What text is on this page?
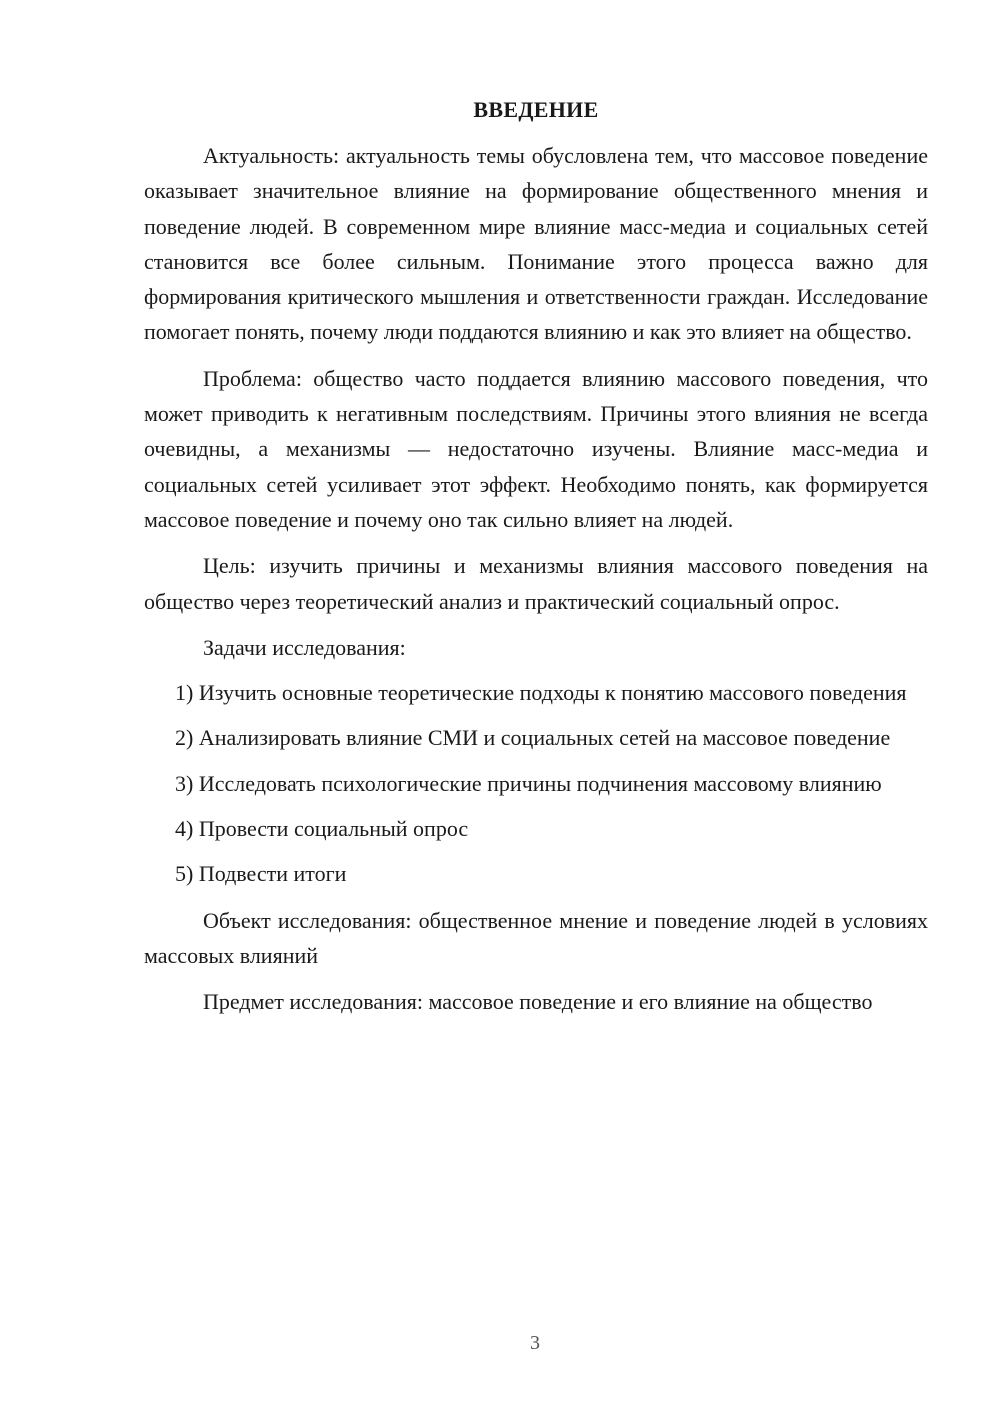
ВВЕДЕНИЕ

Актуальность: актуальность темы обусловлена тем, что массовое поведение оказывает значительное влияние на формирование общественного мнения и поведение людей. В современном мире влияние масс-медиа и социальных сетей становится все более сильным. Понимание этого процесса важно для формирования критического мышления и ответственности граждан. Исследование помогает понять, почему люди поддаются влиянию и как это влияет на общество.

Проблема: общество часто поддается влиянию массового поведения, что может приводить к негативным последствиям. Причины этого влияния не всегда очевидны, а механизмы — недостаточно изучены. Влияние масс-медиа и социальных сетей усиливает этот эффект. Необходимо понять, как формируется массовое поведение и почему оно так сильно влияет на людей.

Цель: изучить причины и механизмы влияния массового поведения на общество через теоретический анализ и практический социальный опрос.

Задачи исследования:

1) Изучить основные теоретические подходы к понятию массового поведения

2) Анализировать влияние СМИ и социальных сетей на массовое поведение

3) Исследовать психологические причины подчинения массовому влиянию

4) Провести социальный опрос

5) Подвести итоги

Объект исследования: общественное мнение и поведение людей в условиях массовых влияний

Предмет исследования: массовое поведение и его влияние на общество

3
